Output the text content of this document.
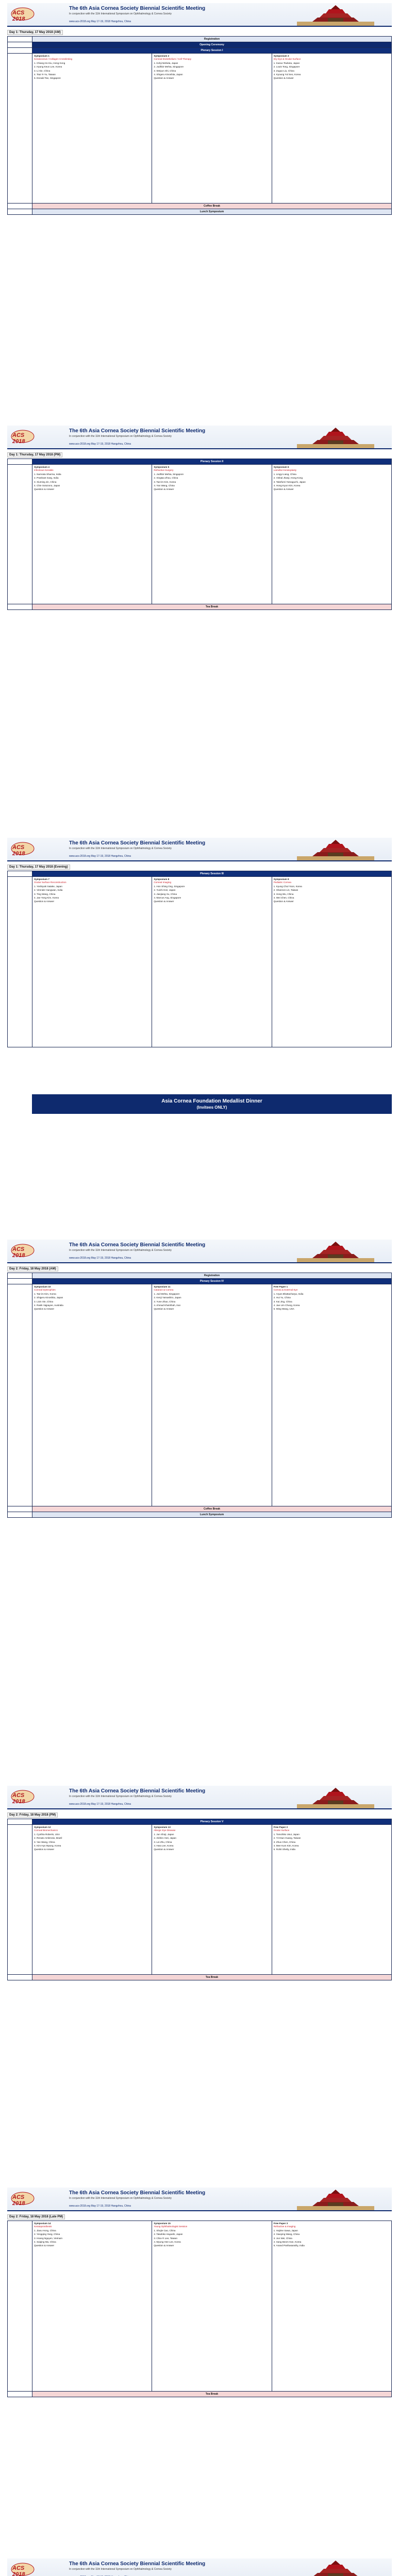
ACS 2018
The 6th Asia Cornea Society Biennial Scientific Meeting
In conjunction with the 11th International Symposium on Ophthalmology & Cornea Society
www.acs-2018.org May 17-19, 2018 Hangzhou, China
Day 1: Thursday, 17 May 2018 (AM)
Registration
Opening Ceremony
Plenary Session I
Symposium 1
Keratoconus / Collagen Crosslinking
1. Chiang Ho Kiu, Hong Kong
2. Hyung Keun Lee, Korea
3. Li Xie, China
4. Tsai Yi-Yu, Taiwan
5. Donald Tan, Singapore
Symposium 2
Corneal Endothelium / Cell Therapy
1. Kohji Nishida, Japan
2. Jodhbir Mehta, Singapore
3. Weiyun Shi, China
4. Shigeru Kinoshita, Japan
Question & Answer
Symposium 3
Dry Eye & Ocular Surface
1. Kazuo Tsubota, Japan
2. Louis Tong, Singapore
3. Zuguo Liu, China
4. Kyoung Yul Seo, Korea
Question & Answer
Coffee Break
Lunch Symposium
ACS 2018
The 6th Asia Cornea Society Biennial Scientific Meeting
In conjunction with the 11th International Symposium on Ophthalmology & Cornea Society
www.acs-2018.org May 17-19, 2018 Hangzhou, China
Day 1: Thursday, 17 May 2018 (PM)
Plenary Session II
Symposium 4
Infectious Keratitis
1. Namrata Sharma, India
2. Prashant Garg, India
3. Xiuming Jin, China
4. Chie Sotozono, Japan
Question & Answer
Symposium 5
Refractive Surgery
1. Jodhbir Mehta, Singapore
2. Xingtao Zhou, China
3. Tae-im Kim, Korea
4. Yan Wang, China
Question & Answer
Symposium 6
Lamellar Keratoplasty
1. Lingyi Liang, China
2. Vishal Jhanji, Hong Kong
3. Takefumi Yamaguchi, Japan
4. Hong Kyun Kim, Korea
Question & Answer
Tea Break
ACS 2018
The 6th Asia Cornea Society Biennial Scientific Meeting
In conjunction with the 11th International Symposium on Ophthalmology & Cornea Society
www.acs-2018.org May 17-19, 2018 Hangzhou, China
Day 1: Thursday, 17 May 2018 (Evening)
Plenary Session III
Symposium 7
Ocular Surface Reconstruction
1. Yoshiyuki Satake, Japan
2. Virender Sangwan, India
3. Ting Wang, China
4. Jae Yong Kim, Korea
Question & Answer
Symposium 8
Corneal Imaging
1. Hon Shing Ong, Singapore
2. Yuichi Hori, Japan
3. Jianjiang Xu, China
4. Marcus Ang, Singapore
Question & Answer
Symposium 9
Pediatric Cornea
1. Kyung Chul Yoon, Korea
2. Shannon Lin, Taiwan
3. Hong Wu, China
4. Wei Chen, China
Question & Answer
Asia Cornea Foundation Medallist Dinner
(Invitees ONLY)
ACS 2018
The 6th Asia Cornea Society Biennial Scientific Meeting
In conjunction with the 11th International Symposium on Ophthalmology & Cornea Society
www.acs-2018.org May 17-19, 2018 Hangzhou, China
Day 2: Friday, 18 May 2018 (AM)
Registration
Plenary Session IV
Symposium 10
Corneal Dystrophies
1. Tae-im Kim, Korea
2. Shigeru Kinoshita, Japan
3. Lixin Xie, China
4. Rasik Vajpayee, Australia
Question & Answer
Symposium 11
Cataract & Cornea
1. Jod Mehta, Singapore
2. Kenji Yamashiro, Japan
3. Yune Zhao, China
4. Ahmad Kheirkhah, Iran
Question & Answer
Free Paper 1
Cornea & External Eye
1. Aryan Bhattacharya, India
2. Hui Yu, China
3. Kai Jing, China
4. Jae Lim Chung, Korea
5. Ming Wang, USA
Coffee Break
Lunch Symposium
ACS 2018
The 6th Asia Cornea Society Biennial Scientific Meeting
In conjunction with the 11th International Symposium on Ophthalmology & Cornea Society
www.acs-2018.org May 17-19, 2018 Hangzhou, China
Day 2: Friday, 18 May 2018 (PM)
Plenary Session V
Symposium 12
Corneal Biomechanics
1. Cynthia Roberts, USA
2. Renato Ambrosio, Brazil
3. Yan Wang, China
4. Kim Hyo Myung, Korea
Question & Answer
Symposium 13
Allergic Eye Disease
1. Jun Shoji, Japan
2. Akihiro Hori, Japan
3. Lei Zhu, China
4. Hwa Lee, Korea
Question & Answer
Free Paper 2
Ocular Surface
1. Tomohiko Usui, Japan
2. Yi-Hsun Huang, Taiwan
3. Zhuo Chen, China
4. Mee Kum Kim, Korea
5. Rohit Shetty, India
Tea Break
ACS 2018
The 6th Asia Cornea Society Biennial Scientific Meeting
In conjunction with the 11th International Symposium on Ophthalmology & Cornea Society
www.acs-2018.org May 17-19, 2018 Hangzhou, China
Day 2: Friday, 18 May 2018 (Late PM)
Symposium 14
Keratoprosthesis
1. Jiaxu Hong, China
2. Yongqing Yang, China
3. Hoang Nguyen, Vietnam
4. Saiqing Ma, China
Question & Answer
Symposium 15
Young Ophthalmologist Session
1. Shujie Cao, China
2. Takahiko Hayashi, Japan
3. Chia-Yi Lee, Taiwan
4. Myung Hee Lee, Korea
Question & Answer
Free Paper 3
Refractive & Imaging
1. Hajime Sawa, Japan
2. Xiaoying Wang, China
3. Jun Wei, China
4. Sang Beom Han, Korea
5. Anand Parthasarathy, India
Tea Break
ACS 2018
The 6th Asia Cornea Society Biennial Scientific Meeting
In conjunction with the 11th International Symposium on Ophthalmology & Cornea Society
